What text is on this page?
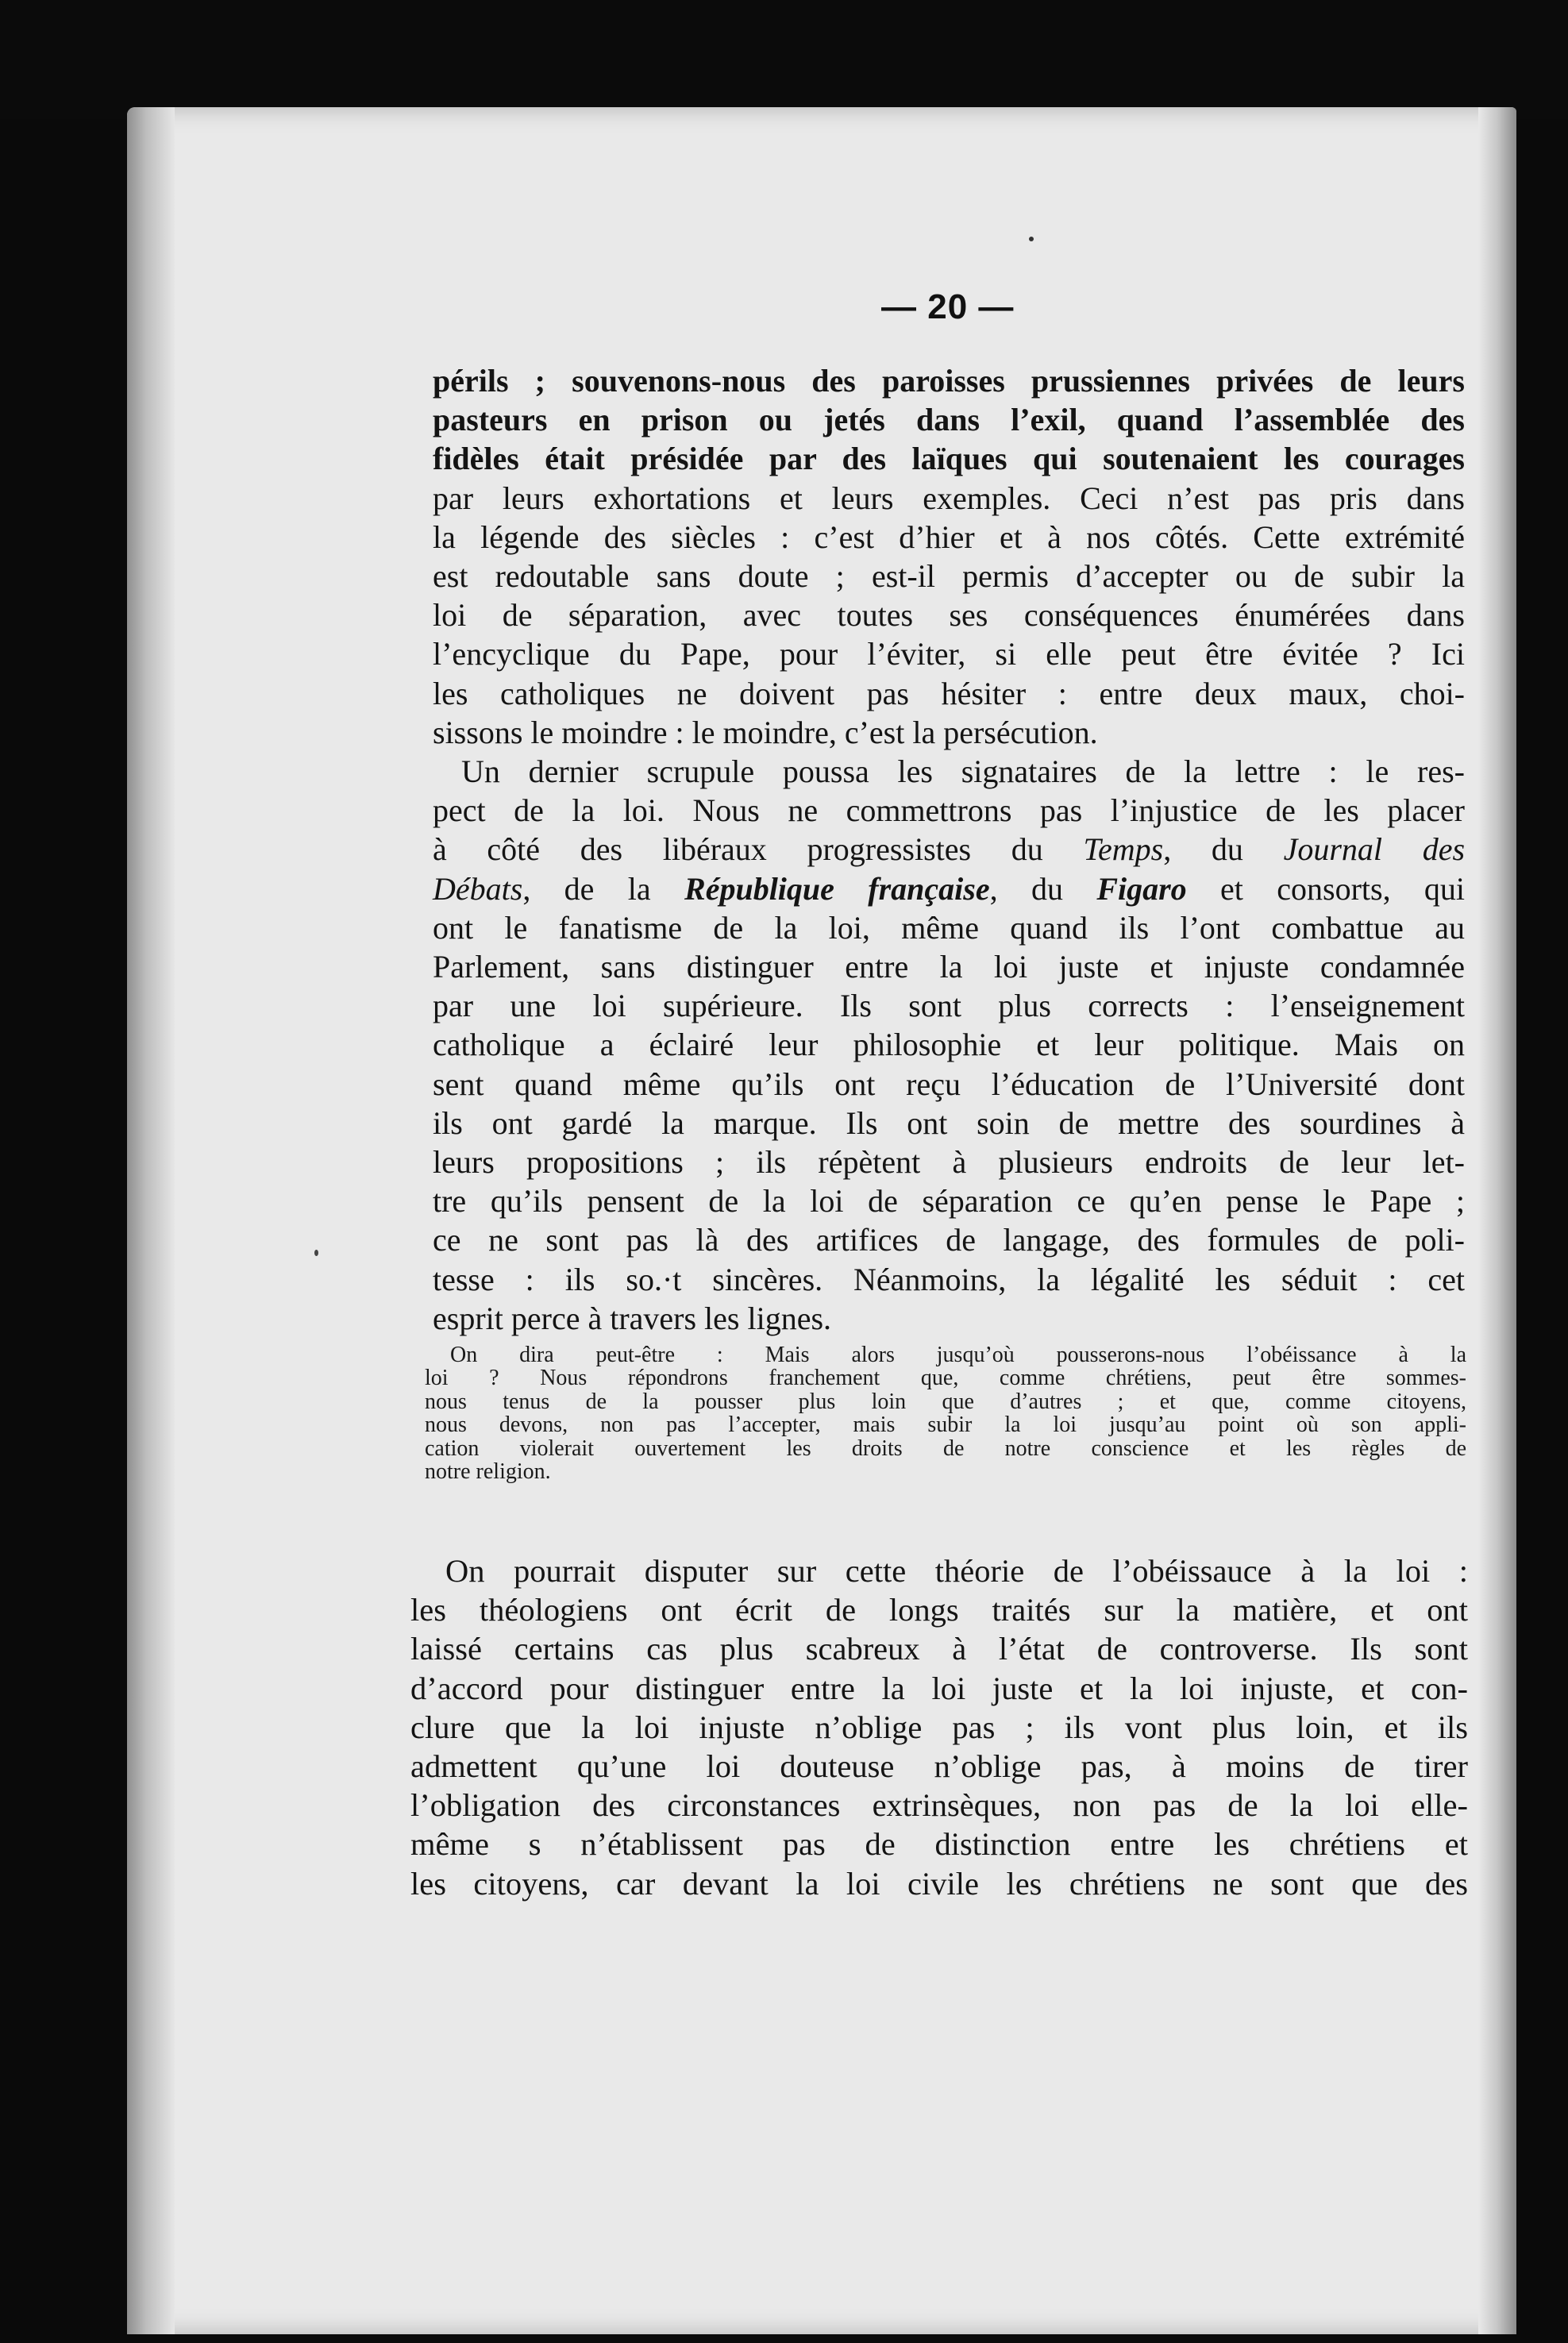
— 20 —
périls ; souvenons-nous des paroisses prussiennes privées de leurs
pasteurs en prison ou jetés dans l’exil, quand l’assemblée des
fidèles était présidée par des laïques qui soutenaient les courages
par leurs exhortations et leurs exemples. Ceci n’est pas pris dans
la légende des siècles : c’est d’hier et à nos côtés. Cette extrémité
est redoutable sans doute ; est-il permis d’accepter ou de subir la
loi de séparation, avec toutes ses conséquences énumérées dans
l’encyclique du Pape, pour l’éviter, si elle peut être évitée ? Ici
les catholiques ne doivent pas hésiter : entre deux maux, choi-
sissons le moindre : le moindre, c’est la persécution.
Un dernier scrupule poussa les signataires de la lettre : le res-
pect de la loi. Nous ne commettrons pas l’injustice de les placer
à côté des libéraux progressistes du Temps, du Journal des
Débats, de la République française, du Figaro et consorts, qui
ont le fanatisme de la loi, même quand ils l’ont combattue au
Parlement, sans distinguer entre la loi juste et injuste condamnée
par une loi supérieure. Ils sont plus corrects : l’enseignement
catholique a éclairé leur philosophie et leur politique. Mais on
sent quand même qu’ils ont reçu l’éducation de l’Université dont
ils ont gardé la marque. Ils ont soin de mettre des sourdines à
leurs propositions ; ils répètent à plusieurs endroits de leur let-
tre qu’ils pensent de la loi de séparation ce qu’en pense le Pape ;
ce ne sont pas là des artifices de langage, des formules de poli-
tesse : ils so.·t sincères. Néanmoins, la légalité les séduit : cet
esprit perce à travers les lignes.
On dira peut-être : Mais alors jusqu’où pousserons-nous l’obéissance à la
loi ? Nous répondrons franchement que, comme chrétiens, peut être sommes-
nous tenus de la pousser plus loin que d’autres ; et que, comme citoyens,
nous devons, non pas l’accepter, mais subir la loi jusqu’au point où son appli-
cation violerait ouvertement les droits de notre conscience et les règles de
notre religion.
On pourrait disputer sur cette théorie de l’obéissauce à la loi :
les théologiens ont écrit de longs traités sur la matière, et ont
laissé certains cas plus scabreux à l’état de controverse. Ils sont
d’accord pour distinguer entre la loi juste et la loi injuste, et con-
clure que la loi injuste n’oblige pas ; ils vont plus loin, et ils
admettent qu’une loi douteuse n’oblige pas, à moins de tirer
l’obligation des circonstances extrinsèques, non pas de la loi elle-
même s n’établissent pas de distinction entre les chrétiens et
les citoyens, car devant la loi civile les chrétiens ne sont que des
